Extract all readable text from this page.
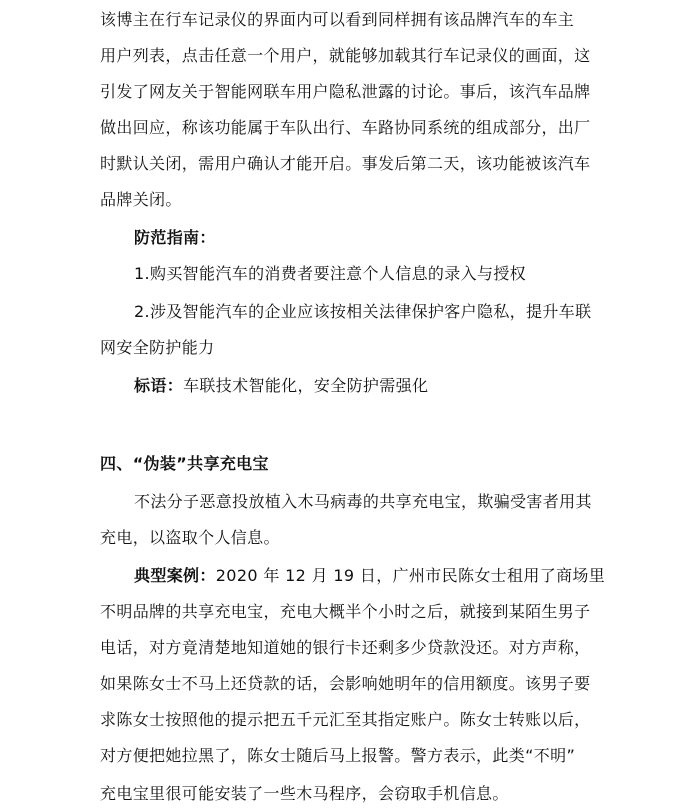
该博主在行车记录仪的界面内可以看到同样拥有该品牌汽车的车主
用户列表，点击任意一个用户，就能够加载其行车记录仪的画面，这
引发了网友关于智能网联车用户隐私泄露的讨论。事后，该汽车品牌
做出回应，称该功能属于车队出行、车路协同系统的组成部分，出厂
时默认关闭，需用户确认才能开启。事发后第二天，该功能被该汽车
品牌关闭。
防范指南：
1.购买智能汽车的消费者要注意个人信息的录入与授权
2.涉及智能汽车的企业应该按相关法律保护客户隐私，提升车联
网安全防护能力
标语：车联技术智能化，安全防护需强化
四、“伪装”共享充电宝
不法分子恶意投放植入木马病毒的共享充电宝，欺骗受害者用其
充电，以盗取个人信息。
典型案例：2020 年 12 月 19 日，广州市民陈女士租用了商场里
不明品牌的共享充电宝，充电大概半个小时之后，就接到某陌生男子
电话，对方竟清楚地知道她的银行卡还剩多少贷款没还。对方声称，
如果陈女士不马上还贷款的话，会影响她明年的信用额度。该男子要
求陈女士按照他的提示把五千元汇至其指定账户。陈女士转账以后，
对方便把她拉黑了，陈女士随后马上报警。警方表示，此类“不明”
充电宝里很可能安装了一些木马程序，会窃取手机信息。
